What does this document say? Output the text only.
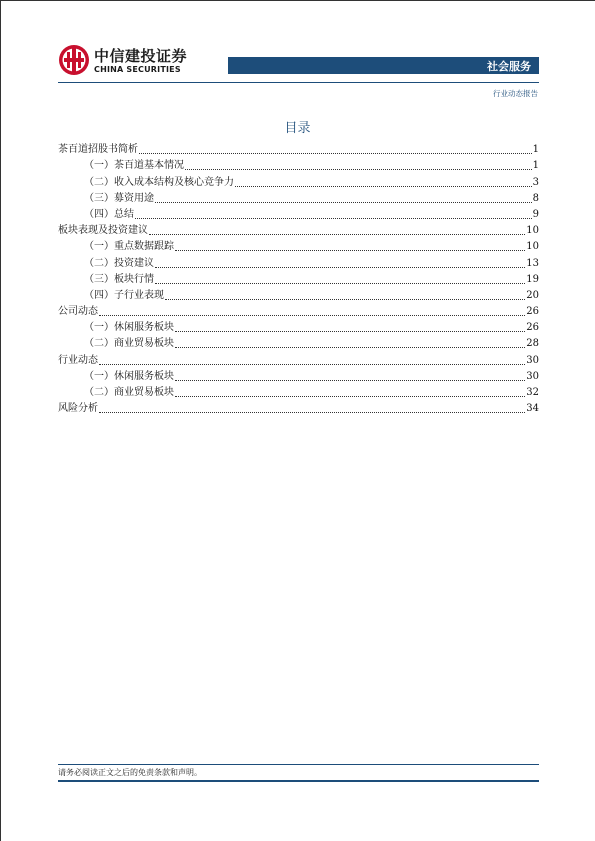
中信建投证券
CHINA SECURITIES	社会服务
行业动态报告
目录
茶百道招股书简析	1
（一）茶百道基本情况	1
（二）收入成本结构及核心竞争力	3
（三）募资用途	8
（四）总结	9
板块表现及投资建议	10
（一）重点数据跟踪	10
（二）投资建议	13
（三）板块行情	19
（四）子行业表现	20
公司动态	26
（一）休闲服务板块	26
（二）商业贸易板块	28
行业动态	30
（一）休闲服务板块	30
（二）商业贸易板块	32
风险分析	34
请务必阅读正文之后的免责条款和声明。
